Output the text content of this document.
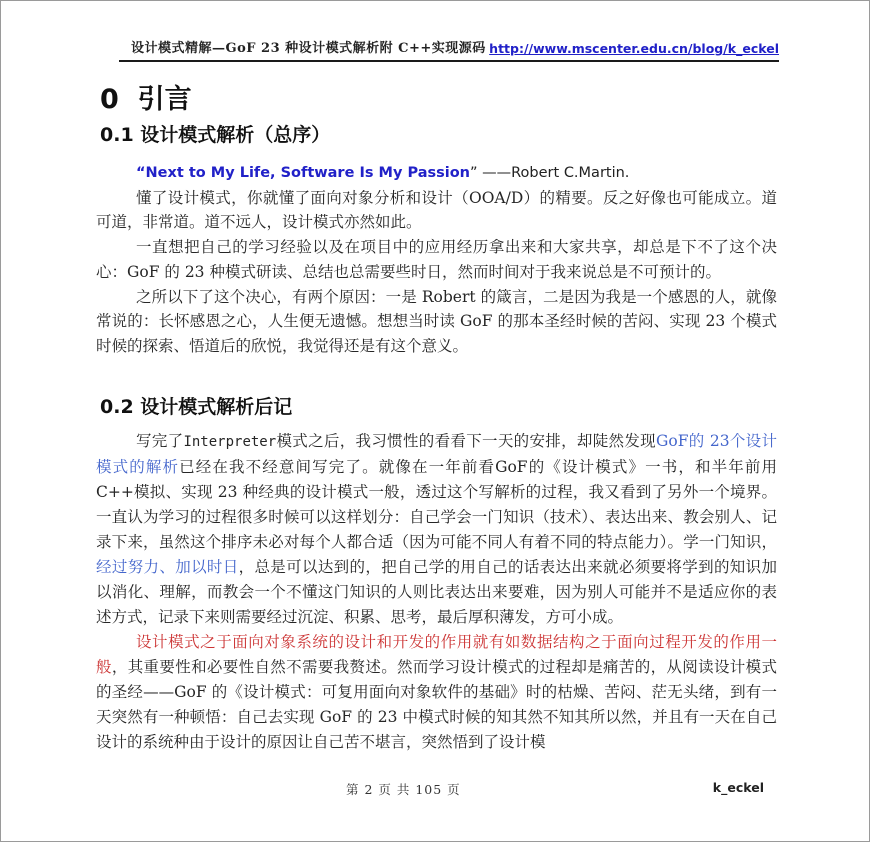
设计模式精解—GoF 23 种设计模式解析附 C++实现源码 http://www.mscenter.edu.cn/blog/k_eckel
0  引言
0.1 设计模式解析（总序）

“Next to My Life, Software Is My Passion” ——Robert C.Martin.

懂了设计模式，你就懂了面向对象分析和设计（OOA/D）的精要。反之好像也可能成立。道可道，非常道。道不远人，设计模式亦然如此。

一直想把自己的学习经验以及在项目中的应用经历拿出来和大家共享，却总是下不了这个决心：GoF 的 23 种模式研读、总结也总需要些时日，然而时间对于我来说总是不可预计的。

之所以下了这个决心，有两个原因：一是 Robert 的箴言，二是因为我是一个感恩的人，就像常说的：长怀感恩之心，人生便无遗憾。想想当时读 GoF 的那本圣经时候的苦闷、实现 23 个模式时候的探索、悟道后的欣悦，我觉得还是有这个意义。

0.2 设计模式解析后记

写完了Interpreter模式之后，我习惯性的看看下一天的安排，却陡然发现GoF的 23个设计模式的解析已经在我不经意间写完了。就像在一年前看GoF的《设计模式》一书，和半年前用C++模拟、实现 23 种经典的设计模式一般，透过这个写解析的过程，我又看到了另外一个境界。一直认为学习的过程很多时候可以这样划分：自己学会一门知识（技术）、表达出来、教会别人、记录下来，虽然这个排序未必对每个人都合适（因为可能不同人有着不同的特点能力）。学一门知识，经过努力、加以时日，总是可以达到的，把自己学的用自己的话表达出来就必须要将学到的知识加以消化、理解，而教会一个不懂这门知识的人则比表达出来要难，因为别人可能并不是适应你的表述方式，记录下来则需要经过沉淀、积累、思考，最后厚积薄发，方可小成。

设计模式之于面向对象系统的设计和开发的作用就有如数据结构之于面向过程开发的作用一般，其重要性和必要性自然不需要我赘述。然而学习设计模式的过程却是痛苦的，从阅读设计模式的圣经——GoF 的《设计模式：可复用面向对象软件的基础》时的枯燥、苦闷、茫无头绪，到有一天突然有一种顿悟：自己去实现 GoF 的 23 中模式时候的知其然不知其所以然，并且有一天在自己设计的系统种由于设计的原因让自己苦不堪言，突然悟到了设计模

第 2 页 共 105 页	k_eckel
